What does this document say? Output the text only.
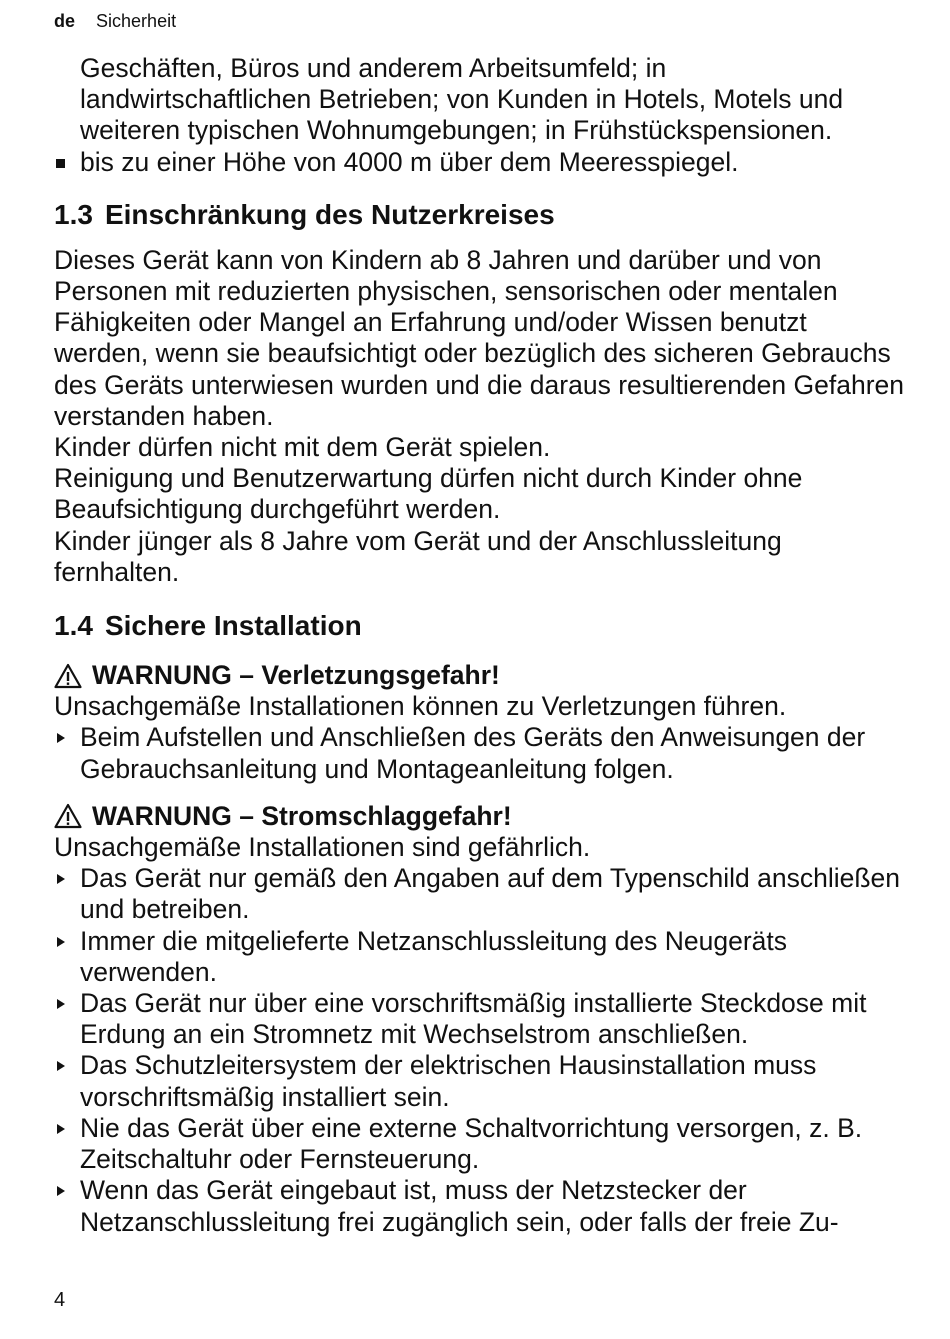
de Sicherheit

Geschäften, Büros und anderem Arbeitsumfeld; in landwirtschaftlichen Betrieben; von Kunden in Hotels, Motels und weiteren typischen Wohnumgebungen; in Frühstückspensionen.

bis zu einer Höhe von 4000 m über dem Meeresspiegel.
1.3 Einschränkung des Nutzerkreises

Dieses Gerät kann von Kindern ab 8 Jahren und darüber und von Personen mit reduzierten physischen, sensorischen oder mentalen Fähigkeiten oder Mangel an Erfahrung und/oder Wissen benutzt werden, wenn sie beaufsichtigt oder bezüglich des sicheren Gebrauchs des Geräts unterwiesen wurden und die daraus resultierenden Gefahren verstanden haben.

Kinder dürfen nicht mit dem Gerät spielen.

Reinigung und Benutzerwartung dürfen nicht durch Kinder ohne Beaufsichtigung durchgeführt werden.

Kinder jünger als 8 Jahre vom Gerät und der Anschlussleitung fernhalten.

1.4 Sichere Installation
WARNUNG – Verletzungsgefahr!

Unsachgemäße Installationen können zu Verletzungen führen.

Beim Aufstellen und Anschließen des Geräts den Anweisungen der Gebrauchsanleitung und Montageanleitung folgen.
WARNUNG – Stromschlaggefahr!

Unsachgemäße Installationen sind gefährlich.

Das Gerät nur gemäß den Angaben auf dem Typenschild anschließen und betreiben.
Immer die mitgelieferte Netzanschlussleitung des Neugeräts verwenden.
Das Gerät nur über eine vorschriftsmäßig installierte Steckdose mit Erdung an ein Stromnetz mit Wechselstrom anschließen.
Das Schutzleitersystem der elektrischen Hausinstallation muss vorschriftsmäßig installiert sein.
Nie das Gerät über eine externe Schaltvorrichtung versorgen, z. B. Zeitschaltuhr oder Fernsteuerung.
Wenn das Gerät eingebaut ist, muss der Netzstecker der Netzanschlussleitung frei zugänglich sein, oder falls der freie Zu-
4
